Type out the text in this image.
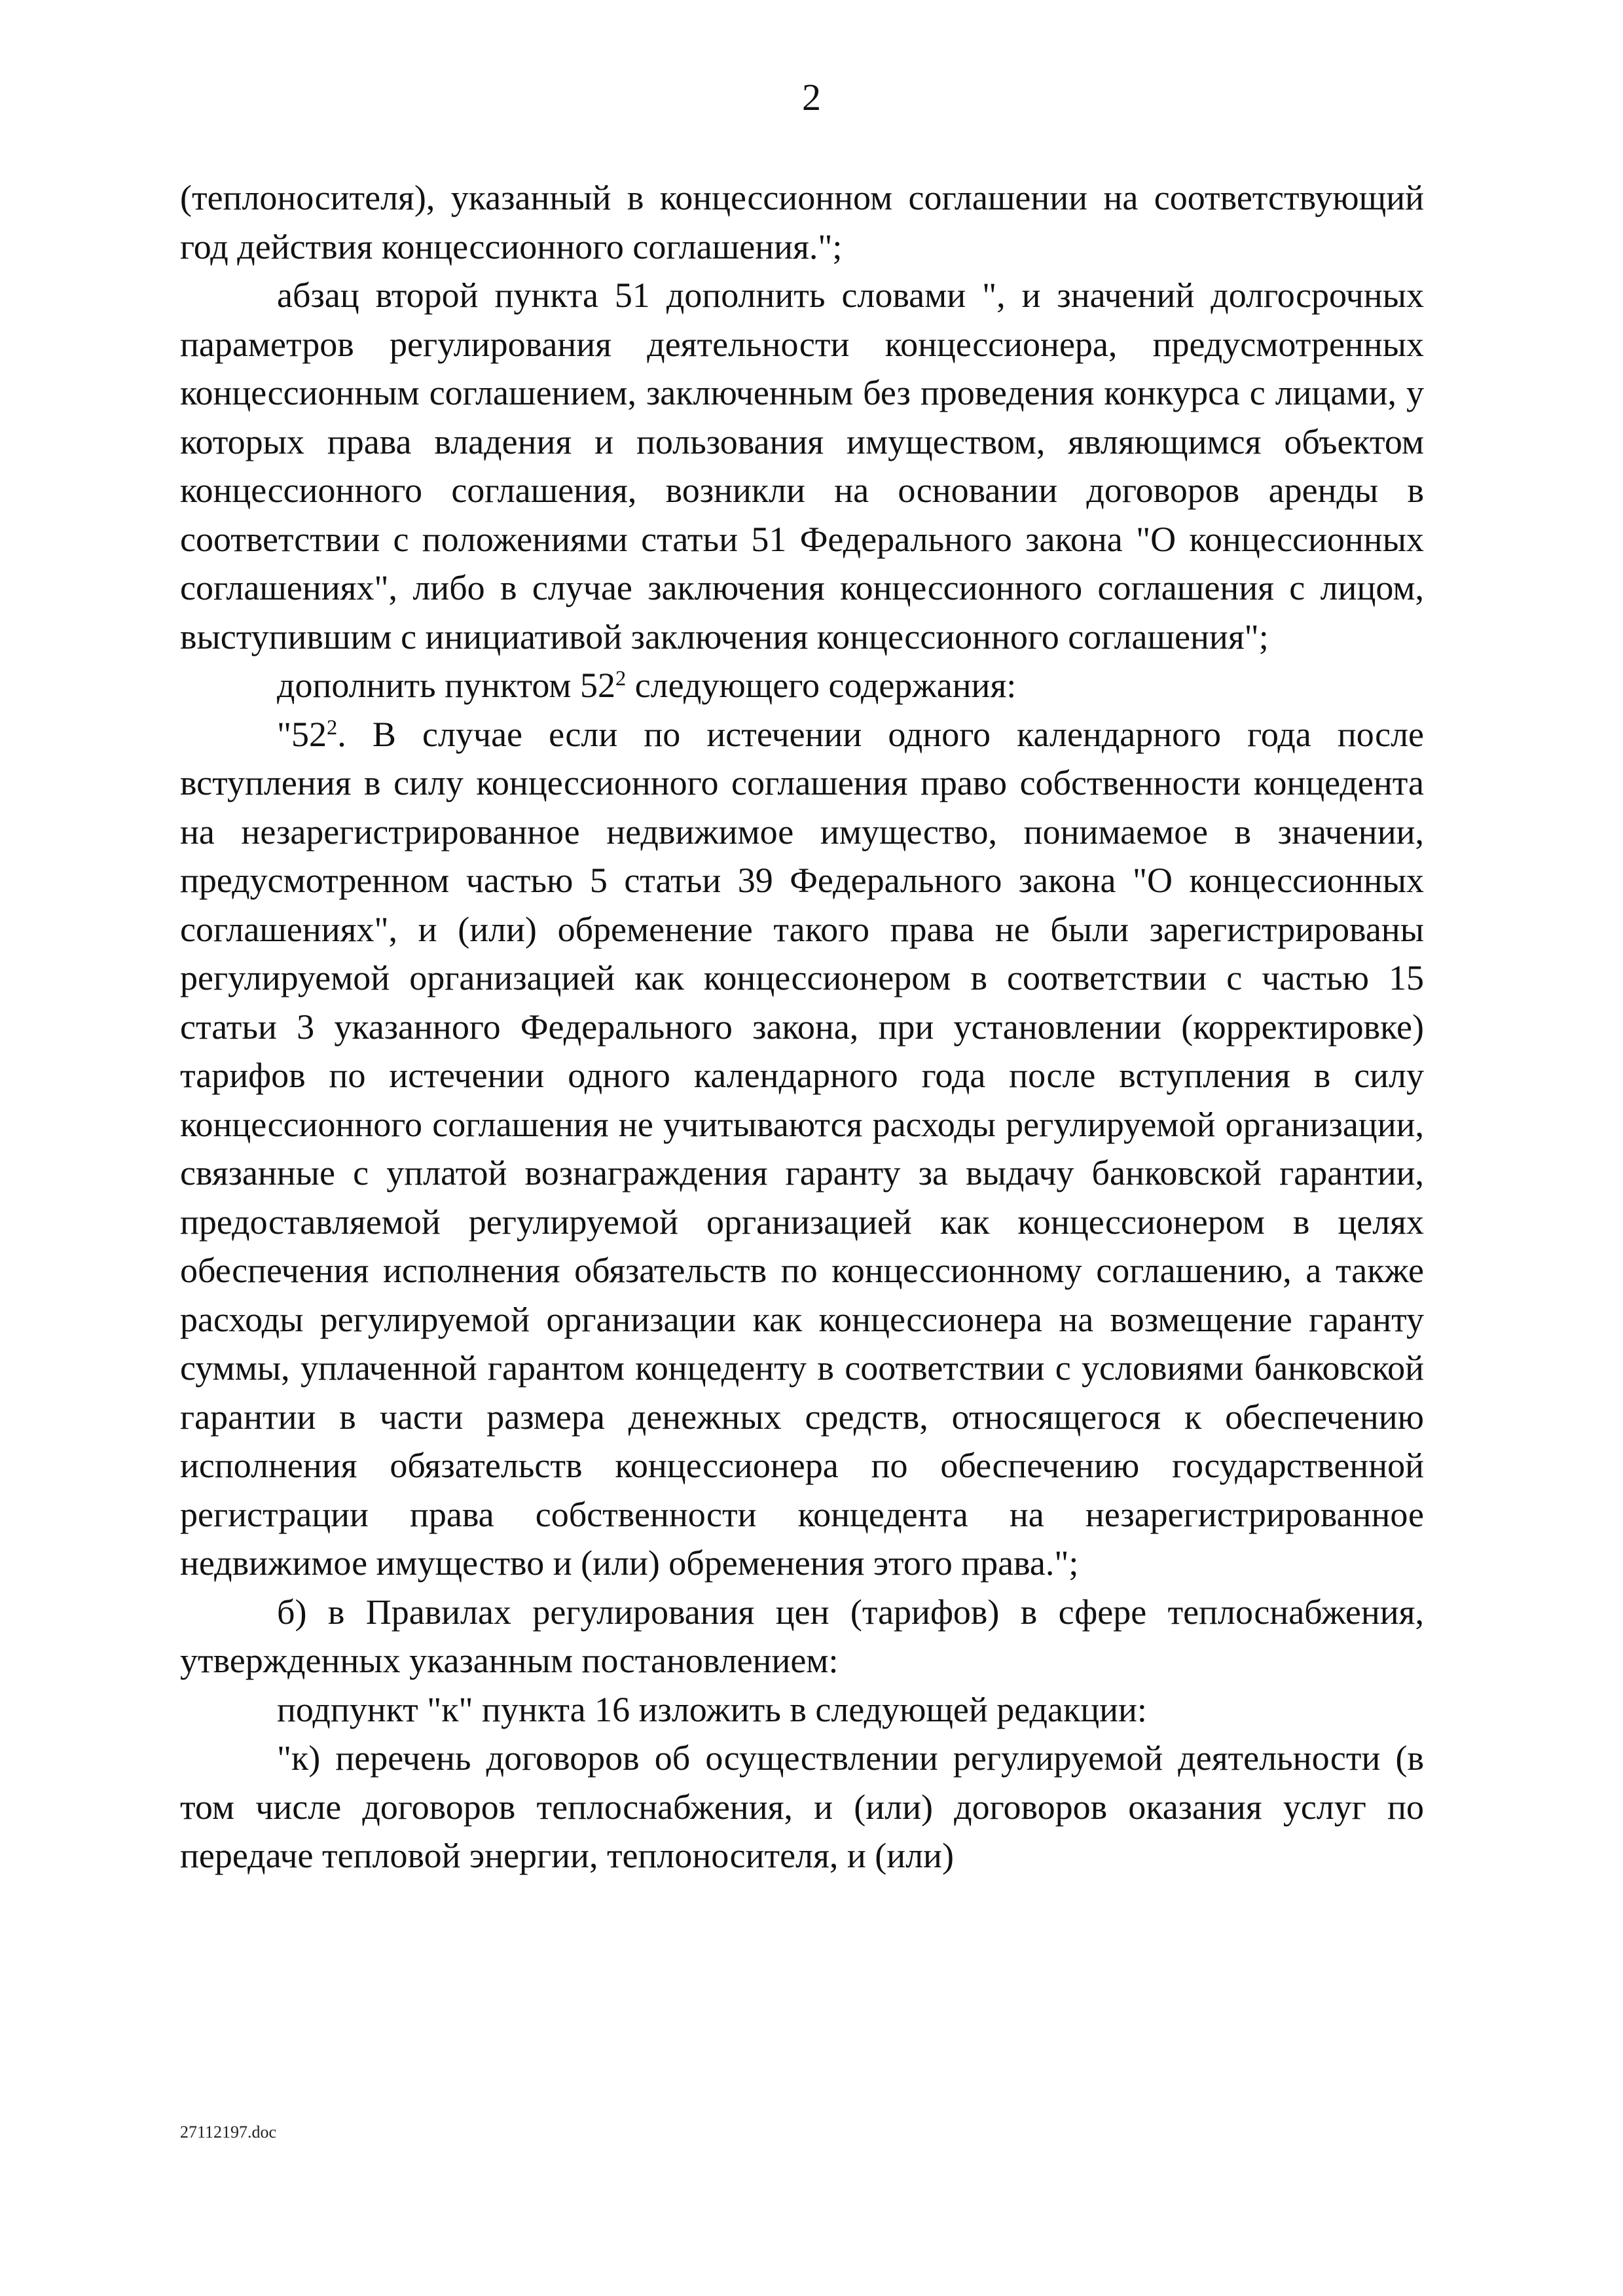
2

(теплоносителя), указанный в концессионном соглашении на соответствующий год действия концессионного соглашения.";

абзац второй пункта 51 дополнить словами ", и значений долгосрочных параметров регулирования деятельности концессионера, предусмотренных концессионным соглашением, заключенным без проведения конкурса с лицами, у которых права владения и пользования имуществом, являющимся объектом концессионного соглашения, возникли на основании договоров аренды в соответствии с положениями статьи 51 Федерального закона "О концессионных соглашениях", либо в случае заключения концессионного соглашения с лицом, выступившим с инициативой заключения концессионного соглашения";

дополнить пунктом $52^2$ следующего содержания:

"$52^2$. В случае если по истечении одного календарного года после вступления в силу концессионного соглашения право собственности концедента на незарегистрированное недвижимое имущество, понимаемое в значении, предусмотренном частью 5 статьи 39 Федерального закона "О концессионных соглашениях", и (или) обременение такого права не были зарегистрированы регулируемой организацией как концессионером в соответствии с частью 15 статьи 3 указанного Федерального закона, при установлении (корректировке) тарифов по истечении одного календарного года после вступления в силу концессионного соглашения не учитываются расходы регулируемой организации, связанные с уплатой вознаграждения гаранту за выдачу банковской гарантии, предоставляемой регулируемой организацией как концессионером в целях обеспечения исполнения обязательств по концессионному соглашению, а также расходы регулируемой организации как концессионера на возмещение гаранту суммы, уплаченной гарантом концеденту в соответствии с условиями банковской гарантии в части размера денежных средств, относящегося к обеспечению исполнения обязательств концессионера по обеспечению государственной регистрации права собственности концедента на незарегистрированное недвижимое имущество и (или) обременения этого права.";

б) в Правилах регулирования цен (тарифов) в сфере теплоснабжения, утвержденных указанным постановлением:

подпункт "к" пункта 16 изложить в следующей редакции:

"к) перечень договоров об осуществлении регулируемой деятельности (в том числе договоров теплоснабжения, и (или) договоров оказания услуг по передаче тепловой энергии, теплоносителя, и (или)

27112197.doc
